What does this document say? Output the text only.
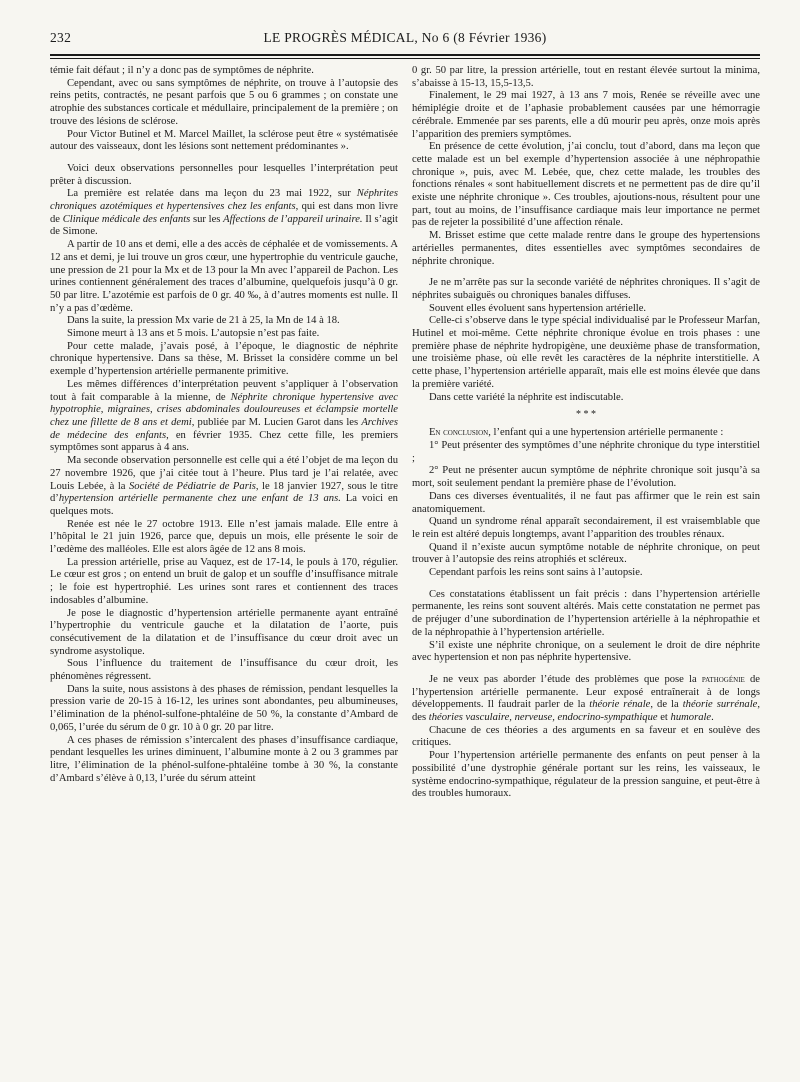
232	LE PROGRÈS MÉDICAL, No 6 (8 Février 1936)

témie fait défaut ; il n’y a donc pas de symptômes de néphrite.

Cependant, avec ou sans symptômes de néphrite, on trouve à l’autopsie des reins petits, contractés, ne pesant parfois que 5 ou 6 grammes ; on constate une atrophie des substances corticale et médullaire, principalement de la première ; on trouve des lésions de sclérose.

Pour Victor Butinel et M. Marcel Maillet, la sclérose peut être « systématisée autour des vaisseaux, dont les lésions sont nettement prédominantes ».

Voici deux observations personnelles pour lesquelles l’interprétation peut prêter à discussion.

La première est relatée dans ma leçon du 23 mai 1922, sur Néphrites chroniques azotémiques et hypertensives chez les enfants, qui est dans mon livre de Clinique médicale des enfants sur les Affections de l’appareil urinaire. Il s’agit de Simone.

A partir de 10 ans et demi, elle a des accès de céphalée et de vomissements. A 12 ans et demi, je lui trouve un gros cœur, une hypertrophie du ventricule gauche, une pression de 21 pour la Mx et de 13 pour la Mn avec l’appareil de Pachon. Les urines contiennent généralement des traces d’albumine, quelquefois jusqu’à 0 gr. 50 par litre. L’azotémie est parfois de 0 gr. 40 ‰, à d’autres moments est nulle. Il n’y a pas d’œdème.

Dans la suite, la pression Mx varie de 21 à 25, la Mn de 14 à 18.

Simone meurt à 13 ans et 5 mois. L’autopsie n’est pas faite.

Pour cette malade, j’avais posé, à l’époque, le diagnostic de néphrite chronique hypertensive. Dans sa thèse, M. Brisset la considère comme un bel exemple d’hypertension artérielle permanente primitive.

Les mêmes différences d’interprétation peuvent s’appliquer à l’observation tout à fait comparable à la mienne, de Néphrite chronique hypertensive avec hypotrophie, migraines, crises abdominales douloureuses et éclampsie mortelle chez une fillette de 8 ans et demi, publiée par M. Lucien Garot dans les Archives de médecine des enfants, en février 1935. Chez cette fille, les premiers symptômes sont apparus à 4 ans.

Ma seconde observation personnelle est celle qui a été l’objet de ma leçon du 27 novembre 1926, que j’ai citée tout à l’heure. Plus tard je l’ai relatée, avec Louis Lebée, à la Société de Pédiatrie de Paris, le 18 janvier 1927, sous le titre d’hypertension artérielle permanente chez une enfant de 13 ans. La voici en quelques mots.

Renée est née le 27 octobre 1913. Elle n’est jamais malade. Elle entre à l’hôpital le 21 juin 1926, parce que, depuis un mois, elle présente le soir de l’œdème des malléoles. Elle est alors âgée de 12 ans 8 mois.

La pression artérielle, prise au Vaquez, est de 17-14, le pouls à 170, régulier. Le cœur est gros ; on entend un bruit de galop et un souffle d’insuffisance mitrale ; le foie est hypertrophié. Les urines sont rares et contiennent des traces indosables d’albumine.

Je pose le diagnostic d’hypertension artérielle permanente ayant entraîné l’hypertrophie du ventricule gauche et la dilatation de l’aorte, puis consécutivement de la dilatation et de l’insuffisance du cœur droit avec un syndrome asystolique.

Sous l’influence du traitement de l’insuffisance du cœur droit, les phénomènes régressent.

Dans la suite, nous assistons à des phases de rémission, pendant lesquelles la pression varie de 20-15 à 16-12, les urines sont abondantes, peu albumineuses, l’élimination de la phénol-sulfone-phtaléine de 50 %, la constante d’Ambard de 0,065, l’urée du sérum de 0 gr. 10 à 0 gr. 20 par litre.

A ces phases de rémission s’intercalent des phases d’insuffisance cardiaque, pendant lesquelles les urines diminuent, l’albumine monte à 2 ou 3 grammes par litre, l’élimination de la phénol-sulfone-phtaléine tombe à 30 %, la constante d’Ambard s’élève à 0,13, l’urée du sérum atteint

0 gr. 50 par litre, la pression artérielle, tout en restant élevée surtout la minima, s’abaisse à 15-13, 15,5-13,5.

Finalement, le 29 mai 1927, à 13 ans 7 mois, Renée se réveille avec une hémiplégie droite et de l’aphasie probablement causées par une hémorragie cérébrale. Emmenée par ses parents, elle a dû mourir peu après, onze mois après l’apparition des premiers symptômes.

En présence de cette évolution, j’ai conclu, tout d’abord, dans ma leçon que cette malade est un bel exemple d’hypertension associée à une néphropathie chronique », puis, avec M. Lebée, que, chez cette malade, les troubles des fonctions rénales « sont habituellement discrets et ne permettent pas de dire qu’il existe une néphrite chronique ». Ces troubles, ajoutions-nous, résultent pour une part, tout au moins, de l’insuffisance cardiaque mais leur importance ne permet pas de rejeter la possibilité d’une affection rénale.

M. Brisset estime que cette malade rentre dans le groupe des hypertensions artérielles permanentes, dites essentielles avec symptômes secondaires de néphrite chronique.

Je ne m’arrête pas sur la seconde variété de néphrites chroniques. Il s’agit de néphrites subaiguës ou chroniques banales diffuses.

Souvent elles évoluent sans hypertension artérielle.

Celle-ci s’observe dans le type spécial individualisé par le Professeur Marfan, Hutinel et moi-même. Cette néphrite chronique évolue en trois phases : une première phase de néphrite hydropigène, une deuxième phase de transformation, une troisième phase, où elle revêt les caractères de la néphrite interstitielle. A cette phase, l’hypertension artérielle apparaît, mais elle est moins élevée que dans la première variété.

Dans cette variété la néphrite est indiscutable.

* * *

En conclusion, l’enfant qui a une hypertension artérielle permanente :

1° Peut présenter des symptômes d’une néphrite chronique du type interstitiel ;

2° Peut ne présenter aucun symptôme de néphrite chronique soit jusqu’à sa mort, soit seulement pendant la première phase de l’évolution.

Dans ces diverses éventualités, il ne faut pas affirmer que le rein est sain anatomiquement.

Quand un syndrome rénal apparaît secondairement, il est vraisemblable que le rein est altéré depuis longtemps, avant l’apparition des troubles rénaux.

Quand il n’existe aucun symptôme notable de néphrite chronique, on peut trouver à l’autopsie des reins atrophiés et scléreux.

Cependant parfois les reins sont sains à l’autopsie.

Ces constatations établissent un fait précis : dans l’hypertension artérielle permanente, les reins sont souvent altérés. Mais cette constatation ne permet pas de préjuger d’une subordination de l’hypertension artérielle à la néphropathie et de la néphropathie à l’hypertension artérielle.

S’il existe une néphrite chronique, on a seulement le droit de dire néphrite avec hypertension et non pas néphrite hypertensive.

Je ne veux pas aborder l’étude des problèmes que pose la pathogénie de l’hypertension artérielle permanente. Leur exposé entraînerait à de longs développements. Il faudrait parler de la théorie rénale, de la théorie surrénale, des théories vasculaire, nerveuse, endocrino-sympathique et humorale.

Chacune de ces théories a des arguments en sa faveur et en soulève des critiques.

Pour l’hypertension artérielle permanente des enfants on peut penser à la possibilité d’une dystrophie générale portant sur les reins, les vaisseaux, le système endocrino-sympathique, régulateur de la pression sanguine, et peut-être à des troubles humoraux.
